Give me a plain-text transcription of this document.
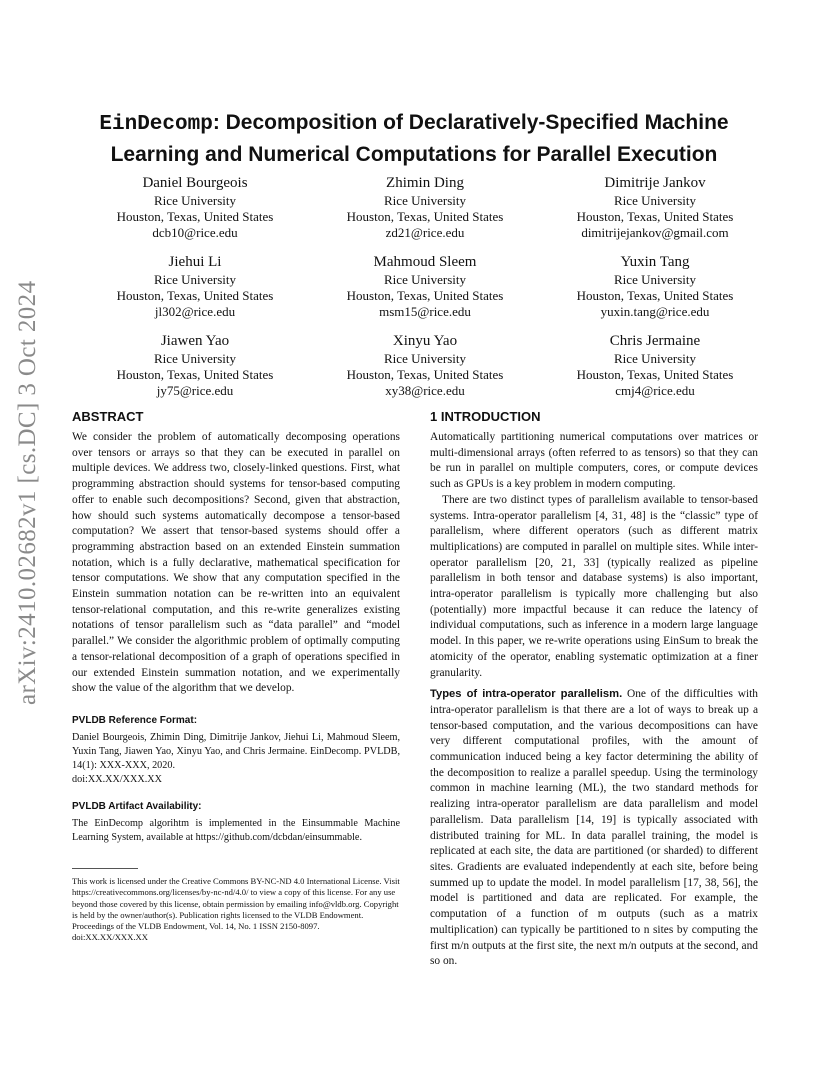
arXiv:2410.02682v1 [cs.DC] 3 Oct 2024
EinDecomp: Decomposition of Declaratively-Specified Machine
Learning and Numerical Computations for Parallel Execution
Daniel Bourgeois
Rice University
Houston, Texas, United States
dcb10@rice.edu
Zhimin Ding
Rice University
Houston, Texas, United States
zd21@rice.edu
Dimitrije Jankov
Rice University
Houston, Texas, United States
dimitrijejankov@gmail.com
Jiehui Li
Rice University
Houston, Texas, United States
jl302@rice.edu
Mahmoud Sleem
Rice University
Houston, Texas, United States
msm15@rice.edu
Yuxin Tang
Rice University
Houston, Texas, United States
yuxin.tang@rice.edu
Jiawen Yao
Rice University
Houston, Texas, United States
jy75@rice.edu
Xinyu Yao
Rice University
Houston, Texas, United States
xy38@rice.edu
Chris Jermaine
Rice University
Houston, Texas, United States
cmj4@rice.edu
ABSTRACT

We consider the problem of automatically decomposing operations over tensors or arrays so that they can be executed in parallel on multiple devices. We address two, closely-linked questions. First, what programming abstraction should systems for tensor-based computing offer to enable such decompositions? Second, given that abstraction, how should such systems automatically decompose a tensor-based computation? We assert that tensor-based systems should offer a programming abstraction based on an extended Einstein summation notation, which is a fully declarative, mathematical specification for tensor computations. We show that any computation specified in the Einstein summation notation can be re-written into an equivalent tensor-relational computation, and this re-write generalizes existing notations of tensor parallelism such as “data parallel” and “model parallel.” We consider the algorithmic problem of optimally computing a tensor-relational decomposition of a graph of operations specified in our extended Einstein summation notation, and we experimentally show the value of the algorithm that we develop.

PVLDB Reference Format:

Daniel Bourgeois, Zhimin Ding, Dimitrije Jankov, Jiehui Li, Mahmoud Sleem, Yuxin Tang, Jiawen Yao, Xinyu Yao, and Chris Jermaine. EinDecomp. PVLDB, 14(1): XXX-XXX, 2020.

doi:XX.XX/XXX.XX

PVLDB Artifact Availability:

The EinDecomp algorihtm is implemented in the Einsummable Machine Learning System, available at https://github.com/dcbdan/einsummable.

This work is licensed under the Creative Commons BY-NC-ND 4.0 International License. Visit https://creativecommons.org/licenses/by-nc-nd/4.0/ to view a copy of this license. For any use beyond those covered by this license, obtain permission by emailing info@vldb.org. Copyright is held by the owner/author(s). Publication rights licensed to the VLDB Endowment.

Proceedings of the VLDB Endowment, Vol. 14, No. 1 ISSN 2150-8097.

doi:XX.XX/XXX.XX

1 INTRODUCTION

Automatically partitioning numerical computations over matrices or multi-dimensional arrays (often referred to as tensors) so that they can be run in parallel on multiple computers, cores, or compute devices such as GPUs is a key problem in modern computing.

There are two distinct types of parallelism available to tensor-based systems. Intra-operator parallelism [4, 31, 48] is the “classic” type of parallelism, where different operators (such as different matrix multiplications) are computed in parallel on multiple sites. While inter-operator parallelism [20, 21, 33] (typically realized as pipeline parallelism in both tensor and database systems) is also important, intra-operator parallelism is typically more challenging but also (potentially) more impactful because it can reduce the latency of individual computations, such as inference in a modern large language model. In this paper, we re-write operations using EinSum to break the atomicity of the operator, enabling systematic optimization at a finer granularity.

Types of intra-operator parallelism. One of the difficulties with intra-operator parallelism is that there are a lot of ways to break up a tensor-based computation, and the various decompositions can have very different computational profiles, with the amount of communication induced being a key factor determining the ability of the decomposition to realize a parallel speedup. Using the terminology common in machine learning (ML), the two standard methods for realizing intra-operator parallelism are data parallelism and model parallelism. Data parallelism [14, 19] is typically associated with distributed training for ML. In data parallel training, the model is replicated at each site, the data are partitioned (or sharded) to different sites. Gradients are evaluated independently at each site, before being summed up to update the model. In model parallelism [17, 38, 56], the model is partitioned and data are replicated. For example, the computation of a function of m outputs (such as a matrix multiplication) can typically be partitioned to n sites by computing the first m/n outputs at the first site, the next m/n outputs at the second, and so on.
